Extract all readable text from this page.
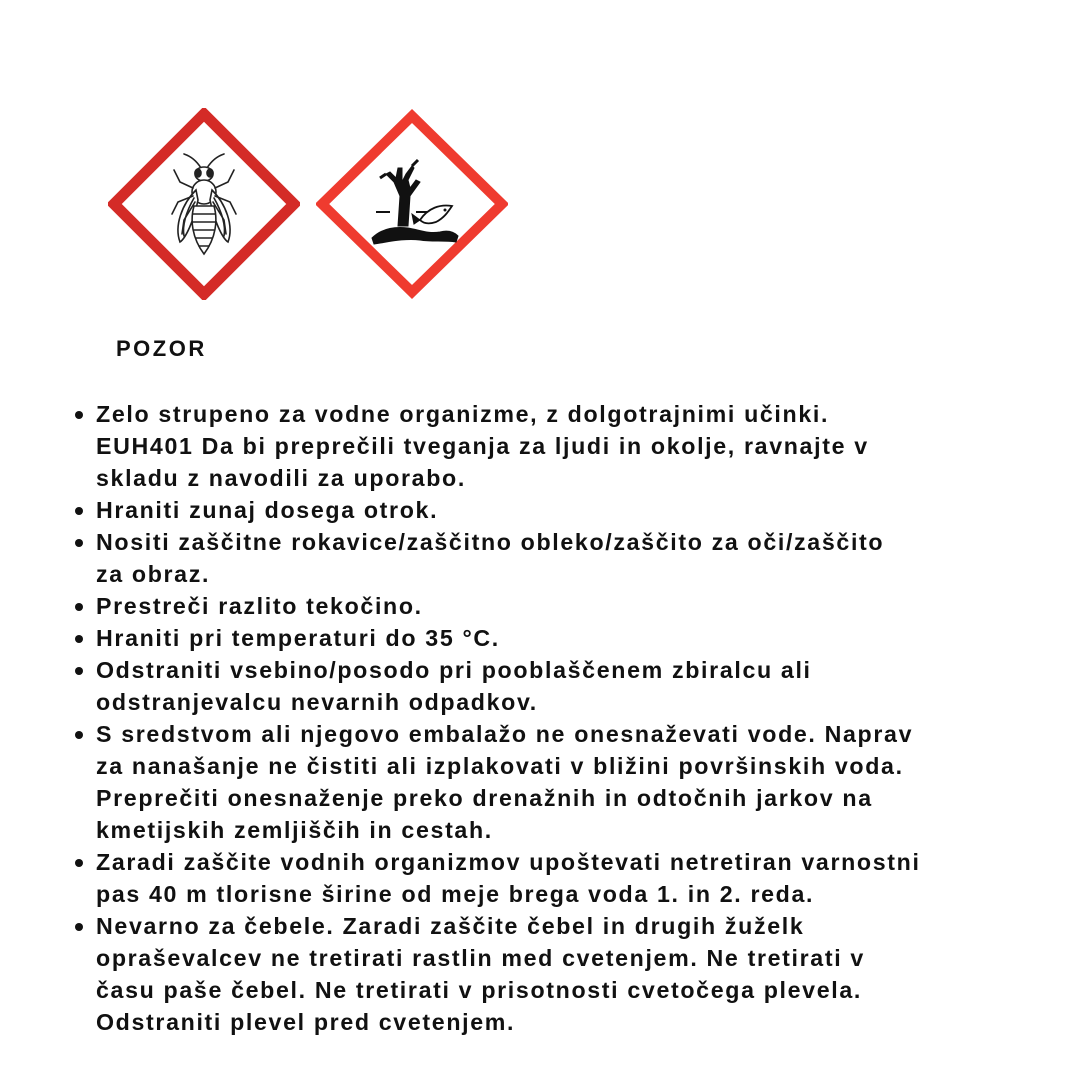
POZOR
Zelo strupeno za vodne organizme, z dolgotrajnimi učinki.
EUH401 Da bi preprečili tveganja za ljudi in okolje, ravnajte v
skladu z navodili za uporabo.
Hraniti zunaj dosega otrok.
Nositi zaščitne rokavice/zaščitno obleko/zaščito za oči/zaščito
za obraz.
Prestreči razlito tekočino.
Hraniti pri temperaturi do 35 °C.
Odstraniti vsebino/posodo pri pooblaščenem zbiralcu ali
odstranjevalcu nevarnih odpadkov.
S sredstvom ali njegovo embalažo ne onesnaževati vode. Naprav
za nanašanje ne čistiti ali izplakovati v bližini površinskih voda.
Preprečiti onesnaženje preko drenažnih in odtočnih jarkov na
kmetijskih zemljiščih in cestah.
Zaradi zaščite vodnih organizmov upoštevati netretiran varnostni
pas 40 m tlorisne širine od meje brega voda 1. in 2. reda.
Nevarno za čebele. Zaradi zaščite čebel in drugih žuželk
opraševalcev ne tretirati rastlin med cvetenjem. Ne tretirati v
času paše čebel. Ne tretirati v prisotnosti cvetočega plevela.
Odstraniti plevel pred cvetenjem.
